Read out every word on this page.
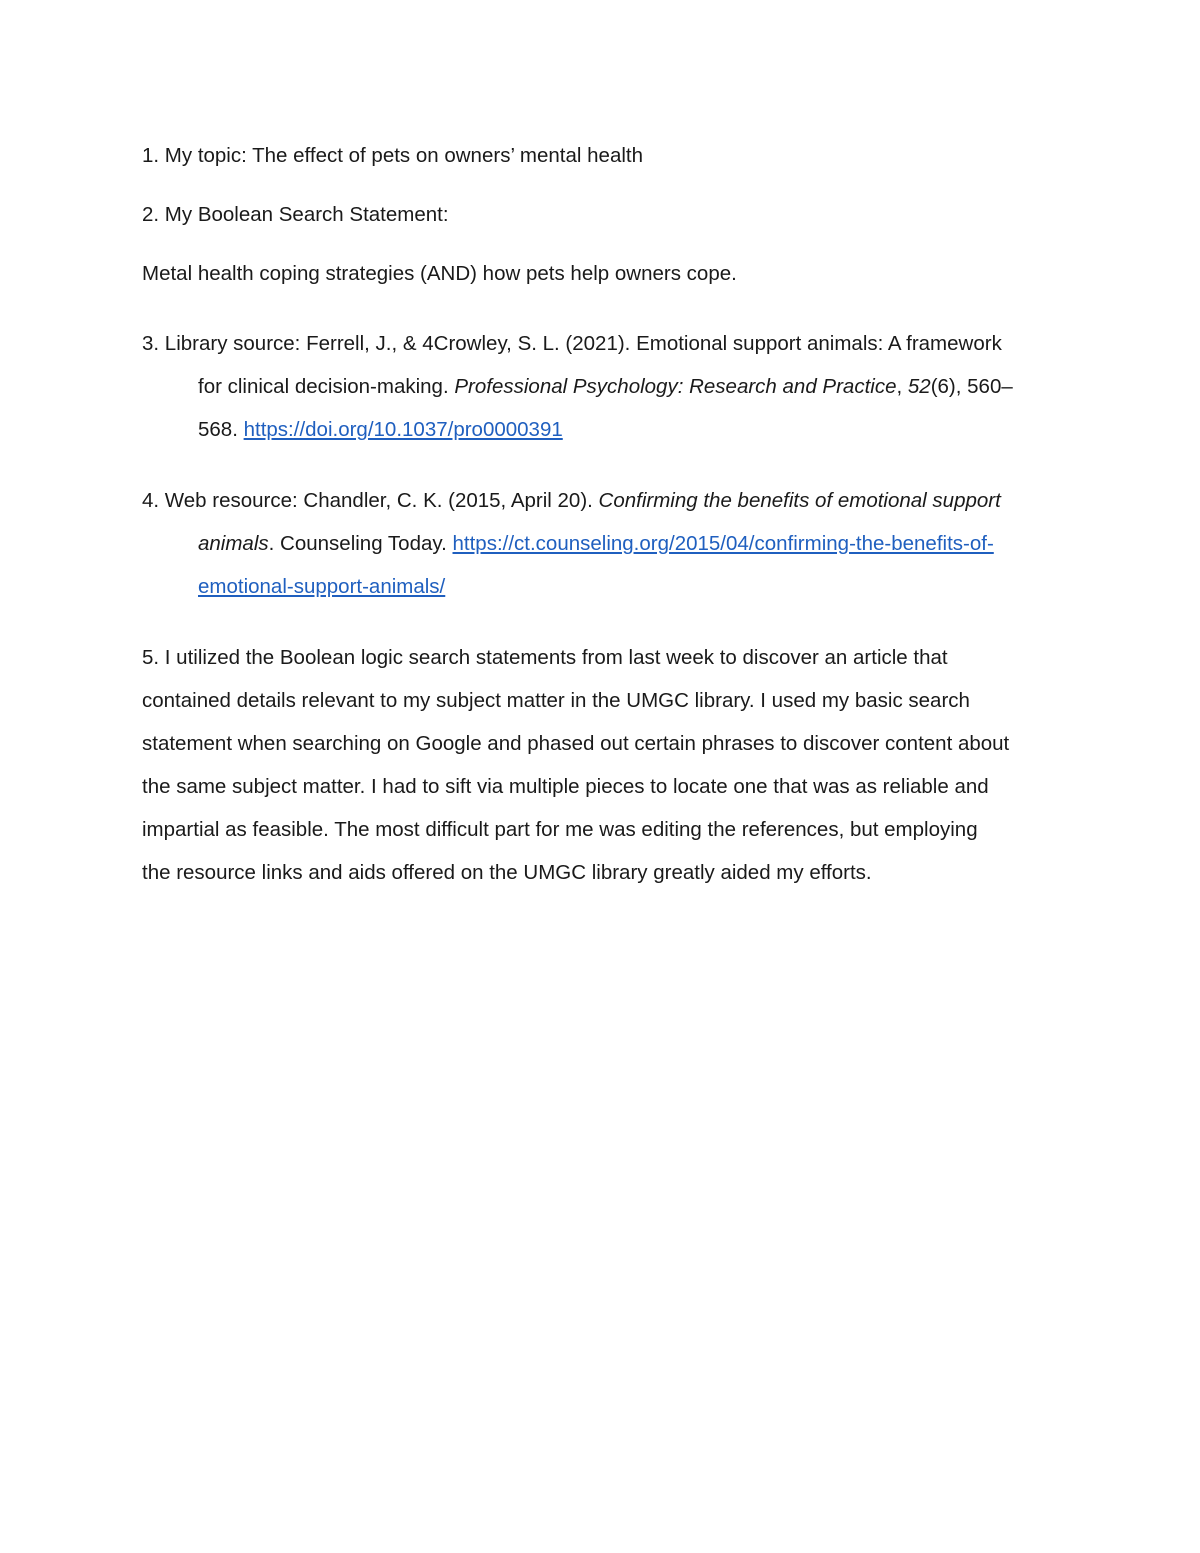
1. My topic: The effect of pets on owners’ mental health
2. My Boolean Search Statement:
Metal health coping strategies (AND) how pets help owners cope.
3. Library source: Ferrell, J., & 4Crowley, S. L. (2021). Emotional support animals: A framework
for clinical decision-making. Professional Psychology: Research and Practice, 52(6), 560–
568. https://doi.org/10.1037/pro0000391
4. Web resource: Chandler, C. K. (2015, April 20). Confirming the benefits of emotional support
animals. Counseling Today. https://ct.counseling.org/2015/04/confirming-the-benefits-of-
emotional-support-animals/
5. I utilized the Boolean logic search statements from last week to discover an article that
contained details relevant to my subject matter in the UMGC library. I used my basic search
statement when searching on Google and phased out certain phrases to discover content about
the same subject matter. I had to sift via multiple pieces to locate one that was as reliable and
impartial as feasible. The most difficult part for me was editing the references, but employing
the resource links and aids offered on the UMGC library greatly aided my efforts.
